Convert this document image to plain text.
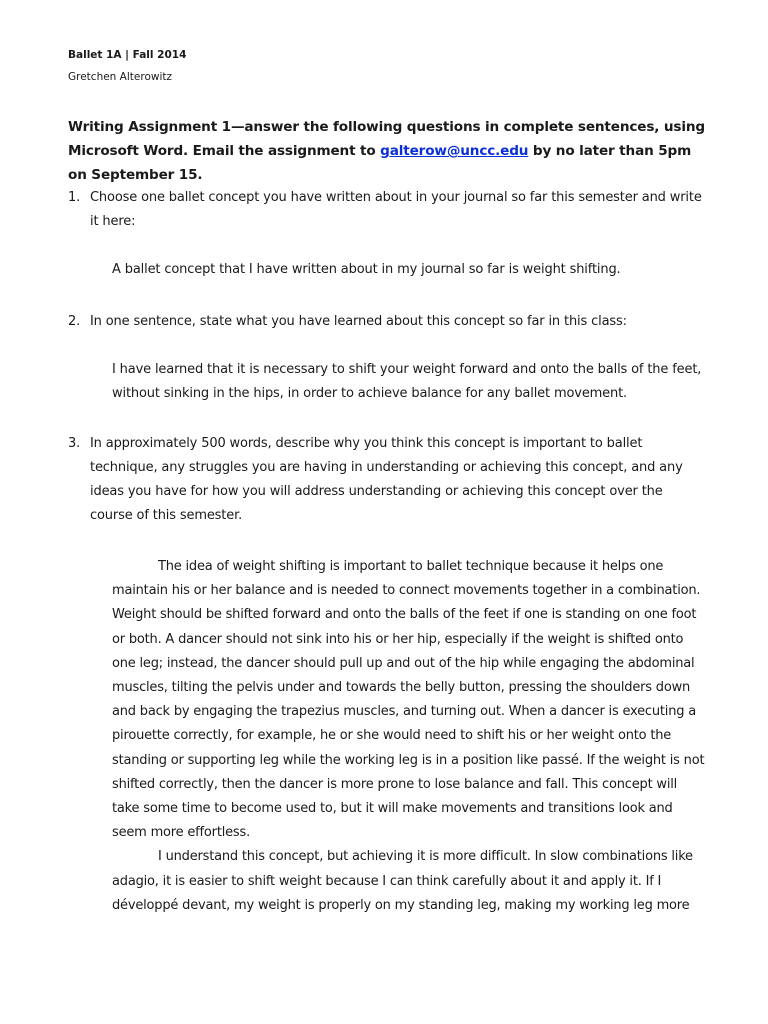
Ballet 1A | Fall 2014

Gretchen Alterowitz

Writing Assignment 1—answer the following questions in complete sentences, using Microsoft Word. Email the assignment to galterow@uncc.edu by no later than 5pm on September 15.

1. Choose one ballet concept you have written about in your journal so far this semester and write it here:

A ballet concept that I have written about in my journal so far is weight shifting.

2. In one sentence, state what you have learned about this concept so far in this class:

I have learned that it is necessary to shift your weight forward and onto the balls of the feet, without sinking in the hips, in order to achieve balance for any ballet movement.

3. In approximately 500 words, describe why you think this concept is important to ballet technique, any struggles you are having in understanding or achieving this concept, and any ideas you have for how you will address understanding or achieving this concept over the course of this semester.

The idea of weight shifting is important to ballet technique because it helps one maintain his or her balance and is needed to connect movements together in a combination. Weight should be shifted forward and onto the balls of the feet if one is standing on one foot or both. A dancer should not sink into his or her hip, especially if the weight is shifted onto one leg; instead, the dancer should pull up and out of the hip while engaging the abdominal muscles, tilting the pelvis under and towards the belly button, pressing the shoulders down and back by engaging the trapezius muscles, and turning out. When a dancer is executing a pirouette correctly, for example, he or she would need to shift his or her weight onto the standing or supporting leg while the working leg is in a position like passé. If the weight is not shifted correctly, then the dancer is more prone to lose balance and fall. This concept will take some time to become used to, but it will make movements and transitions look and seem more effortless.

I understand this concept, but achieving it is more difficult. In slow combinations like adagio, it is easier to shift weight because I can think carefully about it and apply it. If I développé devant, my weight is properly on my standing leg, making my working leg more
